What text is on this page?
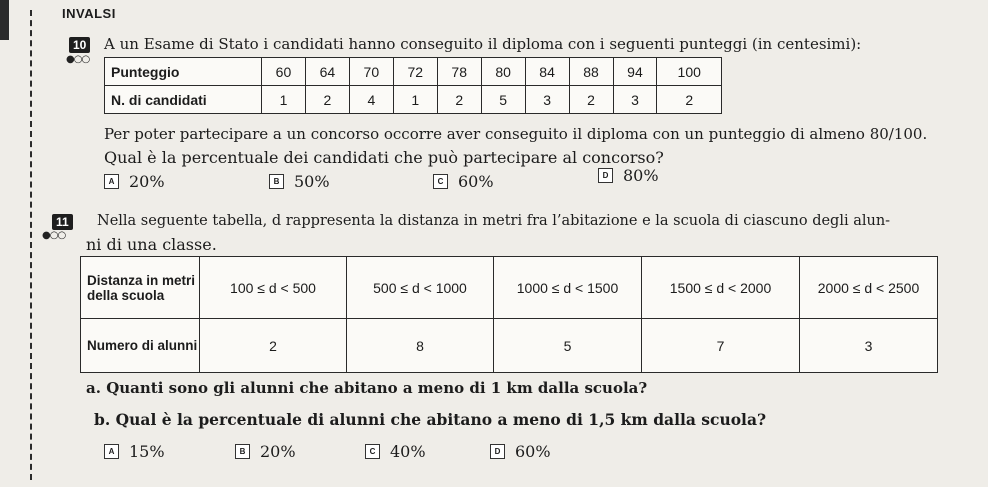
INVALSI
10
●○○
A un Esame di Stato i candidati hanno conseguito il diploma con i seguenti punteggi (in centesimi):
Punteggio	60	64	70	72	78	80	84	88	94	100
N. di candidati	1	2	4	1	2	5	3	2	3	2
Per poter partecipare a un concorso occorre aver conseguito il diploma con un punteggio di almeno 80/100.
Qual è la percentuale dei candidati che può partecipare al concorso?
A 20%	B 50%	C 60%	D 80%
11
●○○
Nella seguente tabella, d rappresenta la distanza in metri fra l’abitazione e la scuola di ciascuno degli alun-
ni di una classe.
Distanza in metri della scuola	100 ≤ d < 500	500 ≤ d < 1000	1000 ≤ d < 1500	1500 ≤ d < 2000	2000 ≤ d < 2500
Numero di alunni	2	8	5	7	3
a. Quanti sono gli alunni che abitano a meno di 1 km dalla scuola?
b. Qual è la percentuale di alunni che abitano a meno di 1,5 km dalla scuola?
A 15%	B 20%	C 40%	D 60%
